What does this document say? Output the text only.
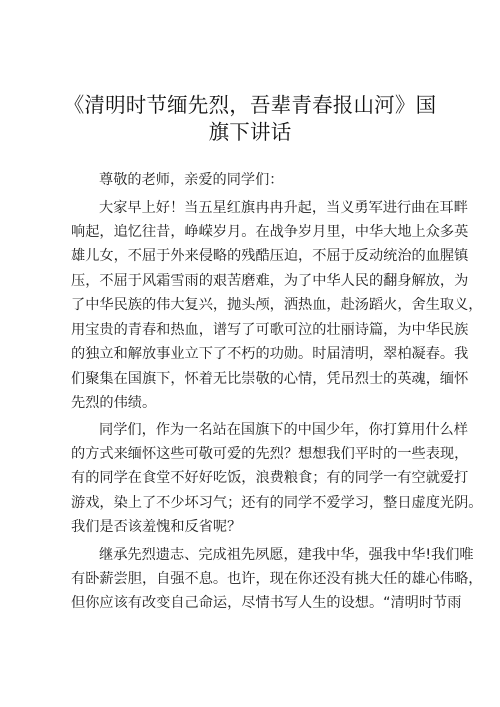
《清明时节缅先烈，吾辈青春报山河》国
旗下讲话
尊敬的老师，亲爱的同学们：
大家早上好！当五星红旗冉冉升起，当义勇军进行曲在耳畔
响起，追忆往昔，峥嵘岁月。在战争岁月里，中华大地上众多英
雄儿女，不屈于外来侵略的残酷压迫，不屈于反动统治的血腥镇
压，不屈于风霜雪雨的艰苦磨难，为了中华人民的翻身解放，为
了中华民族的伟大复兴，抛头颅，洒热血，赴汤蹈火，舍生取义，
用宝贵的青春和热血，谱写了可歌可泣的壮丽诗篇，为中华民族
的独立和解放事业立下了不朽的功勋。时届清明，翠柏凝春。我
们聚集在国旗下，怀着无比崇敬的心情，凭吊烈士的英魂，缅怀
先烈的伟绩。
同学们，作为一名站在国旗下的中国少年，你打算用什么样
的方式来缅怀这些可敬可爱的先烈？想想我们平时的一些表现，
有的同学在食堂不好好吃饭，浪费粮食；有的同学一有空就爱打
游戏，染上了不少坏习气；还有的同学不爱学习，整日虚度光阴。
我们是否该羞愧和反省呢？
继承先烈遗志、完成祖先夙愿，建我中华，强我中华!我们唯
有卧薪尝胆，自强不息。也许，现在你还没有挑大任的雄心伟略，
但你应该有改变自己命运，尽情书写人生的设想。“清明时节雨
